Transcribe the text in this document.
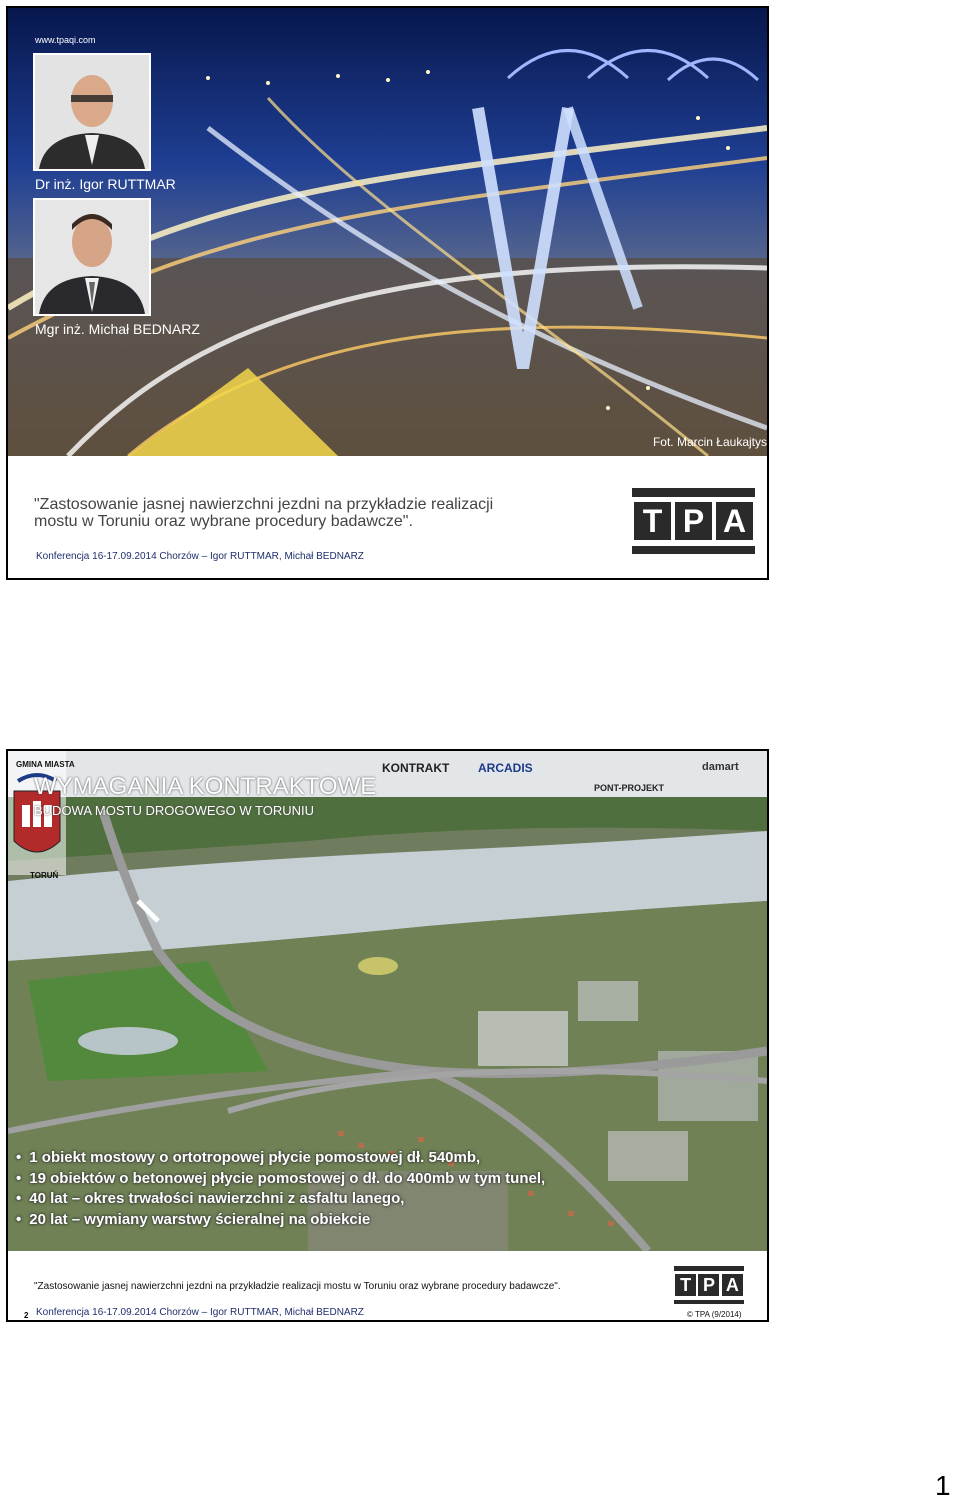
www.tpaqi.com
Dr inż. Igor RUTTMAR
Mgr inż. Michał BEDNARZ
Fot. Marcin Łaukajtys
"Zastosowanie jasnej nawierzchni jezdni na przykładzie realizacji
mostu w Toruniu oraz wybrane procedury badawcze".
Konferencja 16-17.09.2014 Chorzów – Igor RUTTMAR, Michał BEDNARZ
T P A
GMINA MIASTA
TORUŃ
WYMAGANIA KONTRAKTOWE
BUDOWA MOSTU DROGOWEGO W TORUNIU
KONTRAKT ARCADIS
PONT-PROJEKT
damart
• 1 obiekt mostowy o ortotropowej płycie pomostowej dł. 540mb,
• 19 obiektów o betonowej płycie pomostowej o dł. do 400mb w tym tunel,
• 40 lat – okres trwałości nawierzchni z asfaltu lanego,
• 20 lat – wymiany warstwy ścieralnej na obiekcie
"Zastosowanie jasnej nawierzchni jezdni na przykładzie realizacji mostu w Toruniu oraz wybrane procedury badawcze".
2 Konferencja 16-17.09.2014 Chorzów – Igor RUTTMAR, Michał BEDNARZ
T P A
© TPA (9/2014)
1
